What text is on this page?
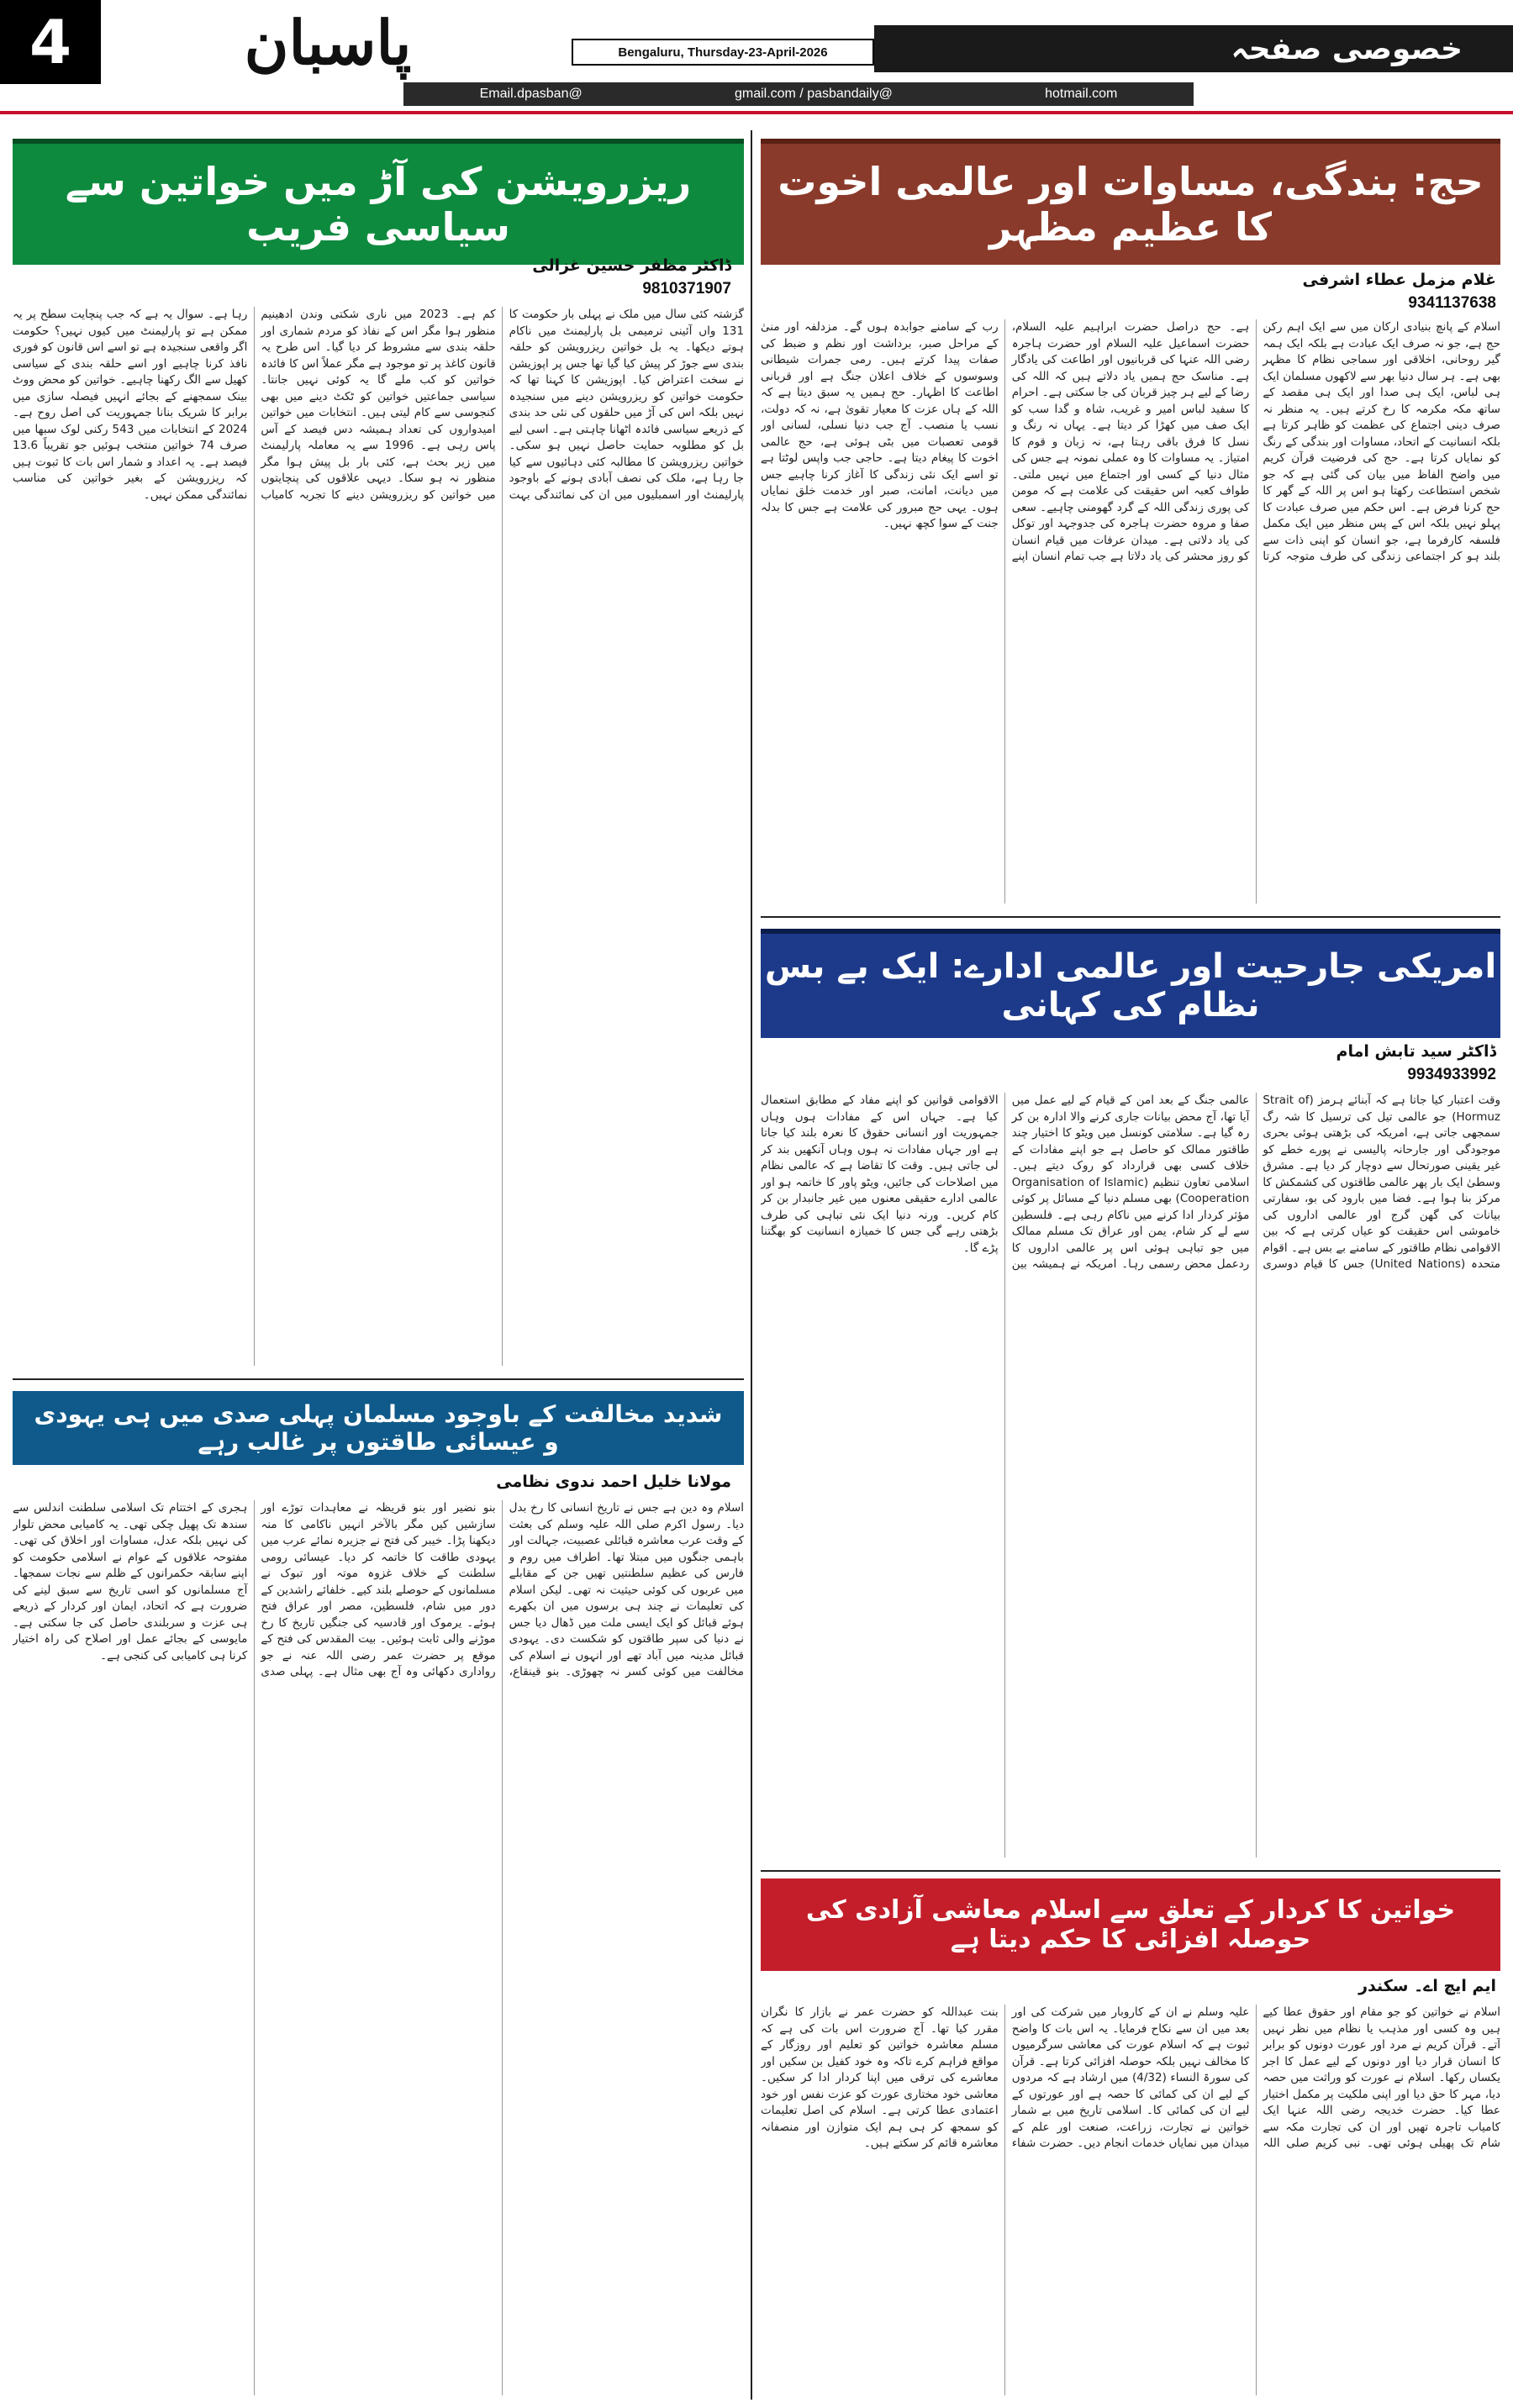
4	پاسبان	Bengaluru, Thursday-23-April-2026	خصوصی صفحہ
Email.dpasban@	gmail.com / pasbandaily@	hotmail.com
حج: بندگی، مساوات اور عالمی اخوت کا عظیم مظہر
غلام مزمل عطاء اشرفی
9341137638
اسلام کے پانچ بنیادی ارکان میں سے ایک اہم رکن حج ہے، جو نہ صرف ایک عبادت ہے بلکہ ایک ہمہ گیر روحانی، اخلاقی اور سماجی نظام کا مظہر بھی ہے۔ ہر سال دنیا بھر سے لاکھوں مسلمان ایک ہی لباس، ایک ہی صدا اور ایک ہی مقصد کے ساتھ مکہ مکرمہ کا رخ کرتے ہیں۔ یہ منظر نہ صرف دینی اجتماع کی عظمت کو ظاہر کرتا ہے بلکہ انسانیت کے اتحاد، مساوات اور بندگی کے رنگ کو نمایاں کرتا ہے۔ حج کی فرضیت قرآن کریم میں واضح الفاظ میں بیان کی گئی ہے کہ جو شخص استطاعت رکھتا ہو اس پر اللہ کے گھر کا حج کرنا فرض ہے۔ اس حکم میں صرف عبادت کا پہلو نہیں بلکہ اس کے پس منظر میں ایک مکمل فلسفہ کارفرما ہے، جو انسان کو اپنی ذات سے بلند ہو کر اجتماعی زندگی کی طرف متوجہ کرتا ہے۔ حج دراصل حضرت ابراہیم علیہ السلام، حضرت اسماعیل علیہ السلام اور حضرت ہاجرہ رضی اللہ عنہا کی قربانیوں اور اطاعت کی یادگار ہے۔ مناسک حج ہمیں یاد دلاتے ہیں کہ اللہ کی رضا کے لیے ہر چیز قربان کی جا سکتی ہے۔ احرام کا سفید لباس امیر و غریب، شاہ و گدا سب کو ایک صف میں کھڑا کر دیتا ہے۔ یہاں نہ رنگ و نسل کا فرق باقی رہتا ہے، نہ زبان و قوم کا امتیاز۔ یہ مساوات کا وہ عملی نمونہ ہے جس کی مثال دنیا کے کسی اور اجتماع میں نہیں ملتی۔ طواف کعبہ اس حقیقت کی علامت ہے کہ مومن کی پوری زندگی اللہ کے گرد گھومنی چاہیے۔ سعی صفا و مروہ حضرت ہاجرہ کی جدوجہد اور توکل کی یاد دلاتی ہے۔ میدان عرفات میں قیام انسان کو روز محشر کی یاد دلاتا ہے جب تمام انسان اپنے رب کے سامنے جوابدہ ہوں گے۔ مزدلفہ اور منیٰ کے مراحل صبر، برداشت اور نظم و ضبط کی صفات پیدا کرتے ہیں۔ رمی جمرات شیطانی وسوسوں کے خلاف اعلان جنگ ہے اور قربانی اطاعت کا اظہار۔ حج ہمیں یہ سبق دیتا ہے کہ اللہ کے ہاں عزت کا معیار تقویٰ ہے، نہ کہ دولت، نسب یا منصب۔ آج جب دنیا نسلی، لسانی اور قومی تعصبات میں بٹی ہوئی ہے، حج عالمی اخوت کا پیغام دیتا ہے۔ حاجی جب واپس لوٹتا ہے تو اسے ایک نئی زندگی کا آغاز کرنا چاہیے جس میں دیانت، امانت، صبر اور خدمت خلق نمایاں ہوں۔ یہی حج مبرور کی علامت ہے جس کا بدلہ جنت کے سوا کچھ نہیں۔
ریزرویشن کی آڑ میں خواتین سے سیاسی فریب
ڈاکٹر مظفر حسین غزالی
9810371907
گزشتہ کئی سال میں ملک نے پہلی بار حکومت کا 131 واں آئینی ترمیمی بل پارلیمنٹ میں ناکام ہوتے دیکھا۔ یہ بل خواتین ریزرویشن کو حلقہ بندی سے جوڑ کر پیش کیا گیا تھا جس پر اپوزیشن نے سخت اعتراض کیا۔ اپوزیشن کا کہنا تھا کہ حکومت خواتین کو ریزرویشن دینے میں سنجیدہ نہیں بلکہ اس کی آڑ میں حلقوں کی نئی حد بندی کے ذریعے سیاسی فائدہ اٹھانا چاہتی ہے۔ اسی لیے بل کو مطلوبہ حمایت حاصل نہیں ہو سکی۔ خواتین ریزرویشن کا مطالبہ کئی دہائیوں سے کیا جا رہا ہے، ملک کی نصف آبادی ہونے کے باوجود پارلیمنٹ اور اسمبلیوں میں ان کی نمائندگی بہت کم ہے۔ 2023 میں ناری شکتی وندن ادھینیم منظور ہوا مگر اس کے نفاذ کو مردم شماری اور حلقہ بندی سے مشروط کر دیا گیا۔ اس طرح یہ قانون کاغذ پر تو موجود ہے مگر عملاً اس کا فائدہ خواتین کو کب ملے گا یہ کوئی نہیں جانتا۔ سیاسی جماعتیں خواتین کو ٹکٹ دینے میں بھی کنجوسی سے کام لیتی ہیں۔ انتخابات میں خواتین امیدواروں کی تعداد ہمیشہ دس فیصد کے آس پاس رہی ہے۔ 1996 سے یہ معاملہ پارلیمنٹ میں زیر بحث ہے، کئی بار بل پیش ہوا مگر منظور نہ ہو سکا۔ دیہی علاقوں کی پنچایتوں میں خواتین کو ریزرویشن دینے کا تجربہ کامیاب رہا ہے۔ سوال یہ ہے کہ جب پنچایت سطح پر یہ ممکن ہے تو پارلیمنٹ میں کیوں نہیں؟ حکومت اگر واقعی سنجیدہ ہے تو اسے اس قانون کو فوری نافذ کرنا چاہیے اور اسے حلقہ بندی کے سیاسی کھیل سے الگ رکھنا چاہیے۔ خواتین کو محض ووٹ بینک سمجھنے کے بجائے انہیں فیصلہ سازی میں برابر کا شریک بنانا جمہوریت کی اصل روح ہے۔ 2024 کے انتخابات میں 543 رکنی لوک سبھا میں صرف 74 خواتین منتخب ہوئیں جو تقریباً 13.6 فیصد ہے۔ یہ اعداد و شمار اس بات کا ثبوت ہیں کہ ریزرویشن کے بغیر خواتین کی مناسب نمائندگی ممکن نہیں۔
امریکی جارحیت اور عالمی ادارے: ایک بے بس نظام کی کہانی
ڈاکٹر سید تابش امام
9934933992
وقت اعتبار کیا جاتا ہے کہ آبنائے ہرمز (Strait of Hormuz) جو عالمی تیل کی ترسیل کا شہ رگ سمجھی جاتی ہے، امریکہ کی بڑھتی ہوئی بحری موجودگی اور جارحانہ پالیسی نے پورے خطے کو غیر یقینی صورتحال سے دوچار کر دیا ہے۔ مشرق وسطیٰ ایک بار پھر عالمی طاقتوں کی کشمکش کا مرکز بنا ہوا ہے۔ فضا میں بارود کی بو، سفارتی بیانات کی گھن گرج اور عالمی اداروں کی خاموشی اس حقیقت کو عیاں کرتی ہے کہ بین الاقوامی نظام طاقتور کے سامنے بے بس ہے۔ اقوام متحدہ (United Nations) جس کا قیام دوسری عالمی جنگ کے بعد امن کے قیام کے لیے عمل میں آیا تھا، آج محض بیانات جاری کرنے والا ادارہ بن کر رہ گیا ہے۔ سلامتی کونسل میں ویٹو کا اختیار چند طاقتور ممالک کو حاصل ہے جو اپنے مفادات کے خلاف کسی بھی قرارداد کو روک دیتے ہیں۔ اسلامی تعاون تنظیم (Organisation of Islamic Cooperation) بھی مسلم دنیا کے مسائل پر کوئی مؤثر کردار ادا کرنے میں ناکام رہی ہے۔ فلسطین سے لے کر شام، یمن اور عراق تک مسلم ممالک میں جو تباہی ہوئی اس پر عالمی اداروں کا ردعمل محض رسمی رہا۔ امریکہ نے ہمیشہ بین الاقوامی قوانین کو اپنے مفاد کے مطابق استعمال کیا ہے۔ جہاں اس کے مفادات ہوں وہاں جمہوریت اور انسانی حقوق کا نعرہ بلند کیا جاتا ہے اور جہاں مفادات نہ ہوں وہاں آنکھیں بند کر لی جاتی ہیں۔ وقت کا تقاضا ہے کہ عالمی نظام میں اصلاحات کی جائیں، ویٹو پاور کا خاتمہ ہو اور عالمی ادارے حقیقی معنوں میں غیر جانبدار بن کر کام کریں۔ ورنہ دنیا ایک نئی تباہی کی طرف بڑھتی رہے گی جس کا خمیازہ انسانیت کو بھگتنا پڑے گا۔
شدید مخالفت کے باوجود مسلمان پہلی صدی میں ہی یہودی و عیسائی طاقتوں پر غالب رہے
مولانا خلیل احمد ندوی نظامی
اسلام وہ دین ہے جس نے تاریخ انسانی کا رخ بدل دیا۔ رسول اکرم صلی اللہ علیہ وسلم کی بعثت کے وقت عرب معاشرہ قبائلی عصبیت، جہالت اور باہمی جنگوں میں مبتلا تھا۔ اطراف میں روم و فارس کی عظیم سلطنتیں تھیں جن کے مقابلے میں عربوں کی کوئی حیثیت نہ تھی۔ لیکن اسلام کی تعلیمات نے چند ہی برسوں میں ان بکھرے ہوئے قبائل کو ایک ایسی ملت میں ڈھال دیا جس نے دنیا کی سپر طاقتوں کو شکست دی۔ یہودی قبائل مدینہ میں آباد تھے اور انہوں نے اسلام کی مخالفت میں کوئی کسر نہ چھوڑی۔ بنو قینقاع، بنو نضیر اور بنو قریظہ نے معاہدات توڑے اور سازشیں کیں مگر بالآخر انہیں ناکامی کا منہ دیکھنا پڑا۔ خیبر کی فتح نے جزیرہ نمائے عرب میں یہودی طاقت کا خاتمہ کر دیا۔ عیسائی رومی سلطنت کے خلاف غزوہ موتہ اور تبوک نے مسلمانوں کے حوصلے بلند کیے۔ خلفائے راشدین کے دور میں شام، فلسطین، مصر اور عراق فتح ہوئے۔ یرموک اور قادسیہ کی جنگیں تاریخ کا رخ موڑنے والی ثابت ہوئیں۔ بیت المقدس کی فتح کے موقع پر حضرت عمر رضی اللہ عنہ نے جو رواداری دکھائی وہ آج بھی مثال ہے۔ پہلی صدی ہجری کے اختتام تک اسلامی سلطنت اندلس سے سندھ تک پھیل چکی تھی۔ یہ کامیابی محض تلوار کی نہیں بلکہ عدل، مساوات اور اخلاق کی تھی۔ مفتوحہ علاقوں کے عوام نے اسلامی حکومت کو اپنے سابقہ حکمرانوں کے ظلم سے نجات سمجھا۔ آج مسلمانوں کو اسی تاریخ سے سبق لینے کی ضرورت ہے کہ اتحاد، ایمان اور کردار کے ذریعے ہی عزت و سربلندی حاصل کی جا سکتی ہے۔ مایوسی کے بجائے عمل اور اصلاح کی راہ اختیار کرنا ہی کامیابی کی کنجی ہے۔
خواتین کا کردار کے تعلق سے اسلام معاشی آزادی کی حوصلہ افزائی کا حکم دیتا ہے
ایم ایچ اے۔ سکندر
اسلام نے خواتین کو جو مقام اور حقوق عطا کیے ہیں وہ کسی اور مذہب یا نظام میں نظر نہیں آتے۔ قرآن کریم نے مرد اور عورت دونوں کو برابر کا انسان قرار دیا اور دونوں کے لیے عمل کا اجر یکساں رکھا۔ اسلام نے عورت کو وراثت میں حصہ دیا، مہر کا حق دیا اور اپنی ملکیت پر مکمل اختیار عطا کیا۔ حضرت خدیجہ رضی اللہ عنہا ایک کامیاب تاجرہ تھیں اور ان کی تجارت مکہ سے شام تک پھیلی ہوئی تھی۔ نبی کریم صلی اللہ علیہ وسلم نے ان کے کاروبار میں شرکت کی اور بعد میں ان سے نکاح فرمایا۔ یہ اس بات کا واضح ثبوت ہے کہ اسلام عورت کی معاشی سرگرمیوں کا مخالف نہیں بلکہ حوصلہ افزائی کرتا ہے۔ قرآن کی سورۃ النساء (4/32) میں ارشاد ہے کہ مردوں کے لیے ان کی کمائی کا حصہ ہے اور عورتوں کے لیے ان کی کمائی کا۔ اسلامی تاریخ میں بے شمار خواتین نے تجارت، زراعت، صنعت اور علم کے میدان میں نمایاں خدمات انجام دیں۔ حضرت شفاء بنت عبداللہ کو حضرت عمر نے بازار کا نگران مقرر کیا تھا۔ آج ضرورت اس بات کی ہے کہ مسلم معاشرہ خواتین کو تعلیم اور روزگار کے مواقع فراہم کرے تاکہ وہ خود کفیل بن سکیں اور معاشرے کی ترقی میں اپنا کردار ادا کر سکیں۔ معاشی خود مختاری عورت کو عزت نفس اور خود اعتمادی عطا کرتی ہے۔ اسلام کی اصل تعلیمات کو سمجھ کر ہی ہم ایک متوازن اور منصفانہ معاشرہ قائم کر سکتے ہیں۔
